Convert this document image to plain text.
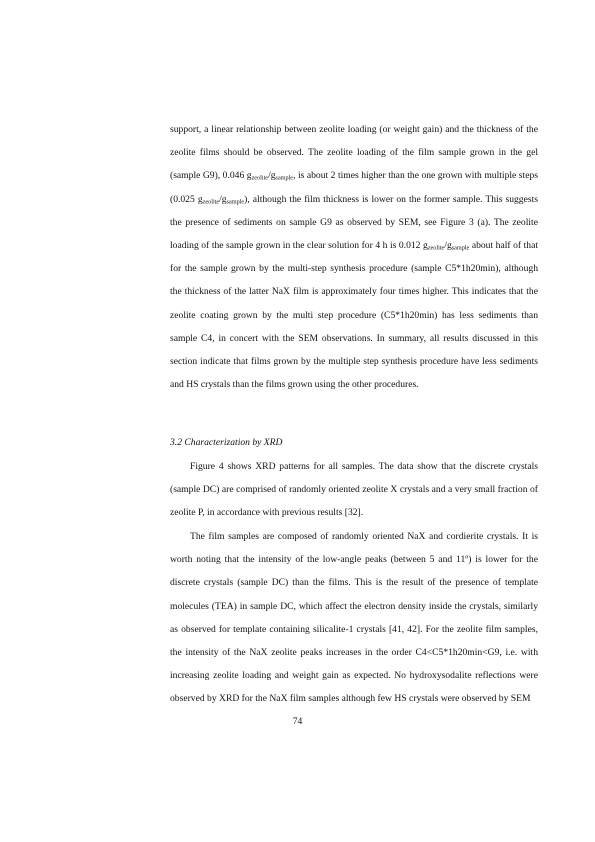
support, a linear relationship between zeolite loading (or weight gain) and the thickness of the zeolite films should be observed. The zeolite loading of the film sample grown in the gel (sample G9), 0.046 $g_{zeolite}/g_{sample}$, is about 2 times higher than the one grown with multiple steps (0.025 $g_{zeolite}/g_{sample}$), although the film thickness is lower on the former sample. This suggests the presence of sediments on sample G9 as observed by SEM, see Figure 3 (a). The zeolite loading of the sample grown in the clear solution for 4 h is 0.012 $g_{zeolite}/g_{sample}$ about half of that for the sample grown by the multi-step synthesis procedure (sample C5*1h20min), although the thickness of the latter NaX film is approximately four times higher. This indicates that the zeolite coating grown by the multi step procedure (C5*1h20min) has less sediments than sample C4, in concert with the SEM observations. In summary, all results discussed in this section indicate that films grown by the multiple step synthesis procedure have less sediments and HS crystals than the films grown using the other procedures.

3.2 Characterization by XRD

Figure 4 shows XRD patterns for all samples. The data show that the discrete crystals (sample DC) are comprised of randomly oriented zeolite X crystals and a very small fraction of zeolite P, in accordance with previous results [32].

The film samples are composed of randomly oriented NaX and cordierite crystals. It is worth noting that the intensity of the low-angle peaks (between 5 and 11º) is lower for the discrete crystals (sample DC) than the films. This is the result of the presence of template molecules (TEA) in sample DC, which affect the electron density inside the crystals, similarly as observed for template containing silicalite-1 crystals [41, 42]. For the zeolite film samples, the intensity of the NaX zeolite peaks increases in the order C4<C5*1h20min<G9, i.e. with increasing zeolite loading and weight gain as expected. No hydroxysodalite reflections were observed by XRD for the NaX film samples although few HS crystals were observed by SEM

74
